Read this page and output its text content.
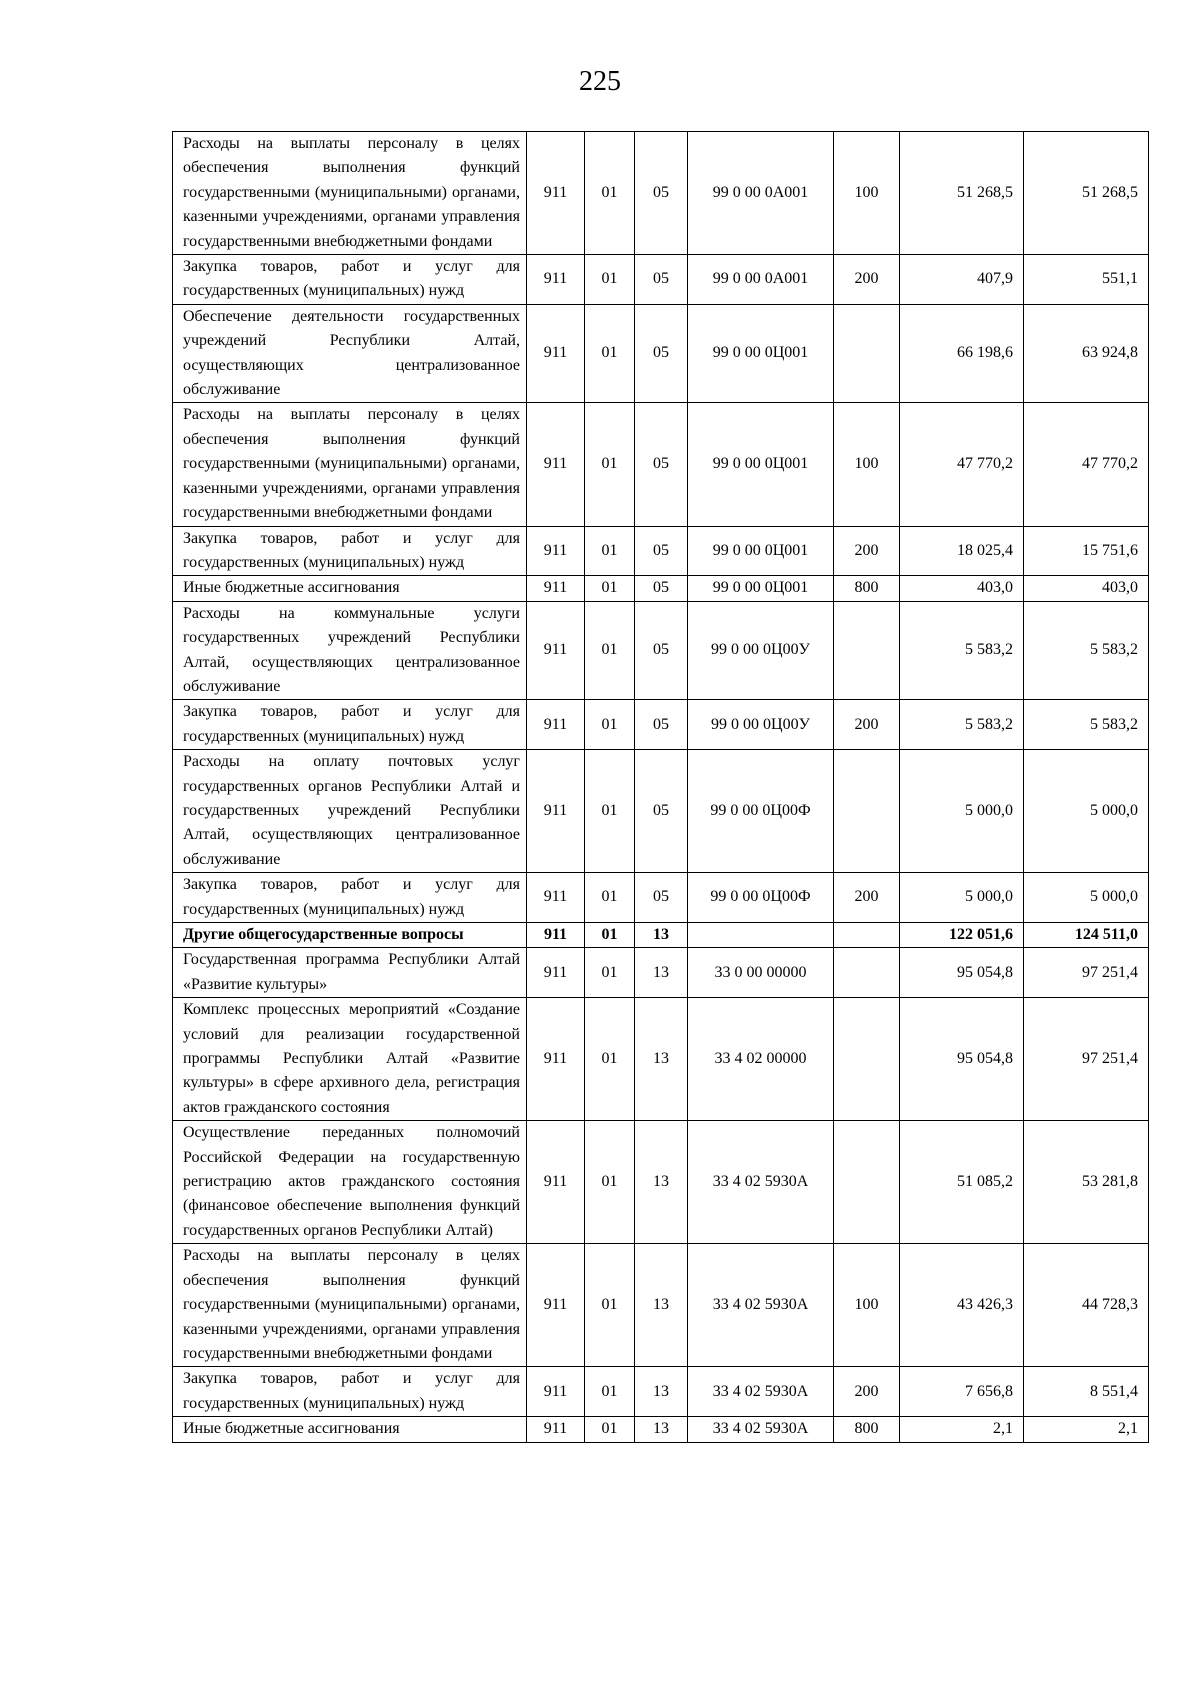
225
Расходы на выплаты персоналу в целях обеспечения выполнения функций государственными (муниципальными) органами, казенными учреждениями, органами управления государственными внебюджетными фондами	911	01	05	99 0 00 0А001	100	51 268,5	51 268,5
Закупка товаров, работ и услуг для государственных (муниципальных) нужд	911	01	05	99 0 00 0А001	200	407,9	551,1
Обеспечение деятельности государственных учреждений Республики Алтай, осуществляющих централизованное обслуживание	911	01	05	99 0 00 0Ц001		66 198,6	63 924,8
Расходы на выплаты персоналу в целях обеспечения выполнения функций государственными (муниципальными) органами, казенными учреждениями, органами управления государственными внебюджетными фондами	911	01	05	99 0 00 0Ц001	100	47 770,2	47 770,2
Закупка товаров, работ и услуг для государственных (муниципальных) нужд	911	01	05	99 0 00 0Ц001	200	18 025,4	15 751,6
Иные бюджетные ассигнования	911	01	05	99 0 00 0Ц001	800	403,0	403,0
Расходы на коммунальные услуги государственных учреждений Республики Алтай, осуществляющих централизованное обслуживание	911	01	05	99 0 00 0Ц00У		5 583,2	5 583,2
Закупка товаров, работ и услуг для государственных (муниципальных) нужд	911	01	05	99 0 00 0Ц00У	200	5 583,2	5 583,2
Расходы на оплату почтовых услуг государственных органов Республики Алтай и государственных учреждений Республики Алтай, осуществляющих централизованное обслуживание	911	01	05	99 0 00 0Ц00Ф		5 000,0	5 000,0
Закупка товаров, работ и услуг для государственных (муниципальных) нужд	911	01	05	99 0 00 0Ц00Ф	200	5 000,0	5 000,0
Другие общегосударственные вопросы	911	01	13			122 051,6	124 511,0
Государственная программа Республики Алтай «Развитие культуры»	911	01	13	33 0 00 00000		95 054,8	97 251,4
Комплекс процессных мероприятий «Создание условий для реализации государственной программы Республики Алтай «Развитие культуры» в сфере архивного дела, регистрация актов гражданского состояния	911	01	13	33 4 02 00000		95 054,8	97 251,4
Осуществление переданных полномочий Российской Федерации на государственную регистрацию актов гражданского состояния (финансовое обеспечение выполнения функций государственных органов Республики Алтай)	911	01	13	33 4 02 5930А		51 085,2	53 281,8
Расходы на выплаты персоналу в целях обеспечения выполнения функций государственными (муниципальными) органами, казенными учреждениями, органами управления государственными внебюджетными фондами	911	01	13	33 4 02 5930А	100	43 426,3	44 728,3
Закупка товаров, работ и услуг для государственных (муниципальных) нужд	911	01	13	33 4 02 5930А	200	7 656,8	8 551,4
Иные бюджетные ассигнования	911	01	13	33 4 02 5930А	800	2,1	2,1
